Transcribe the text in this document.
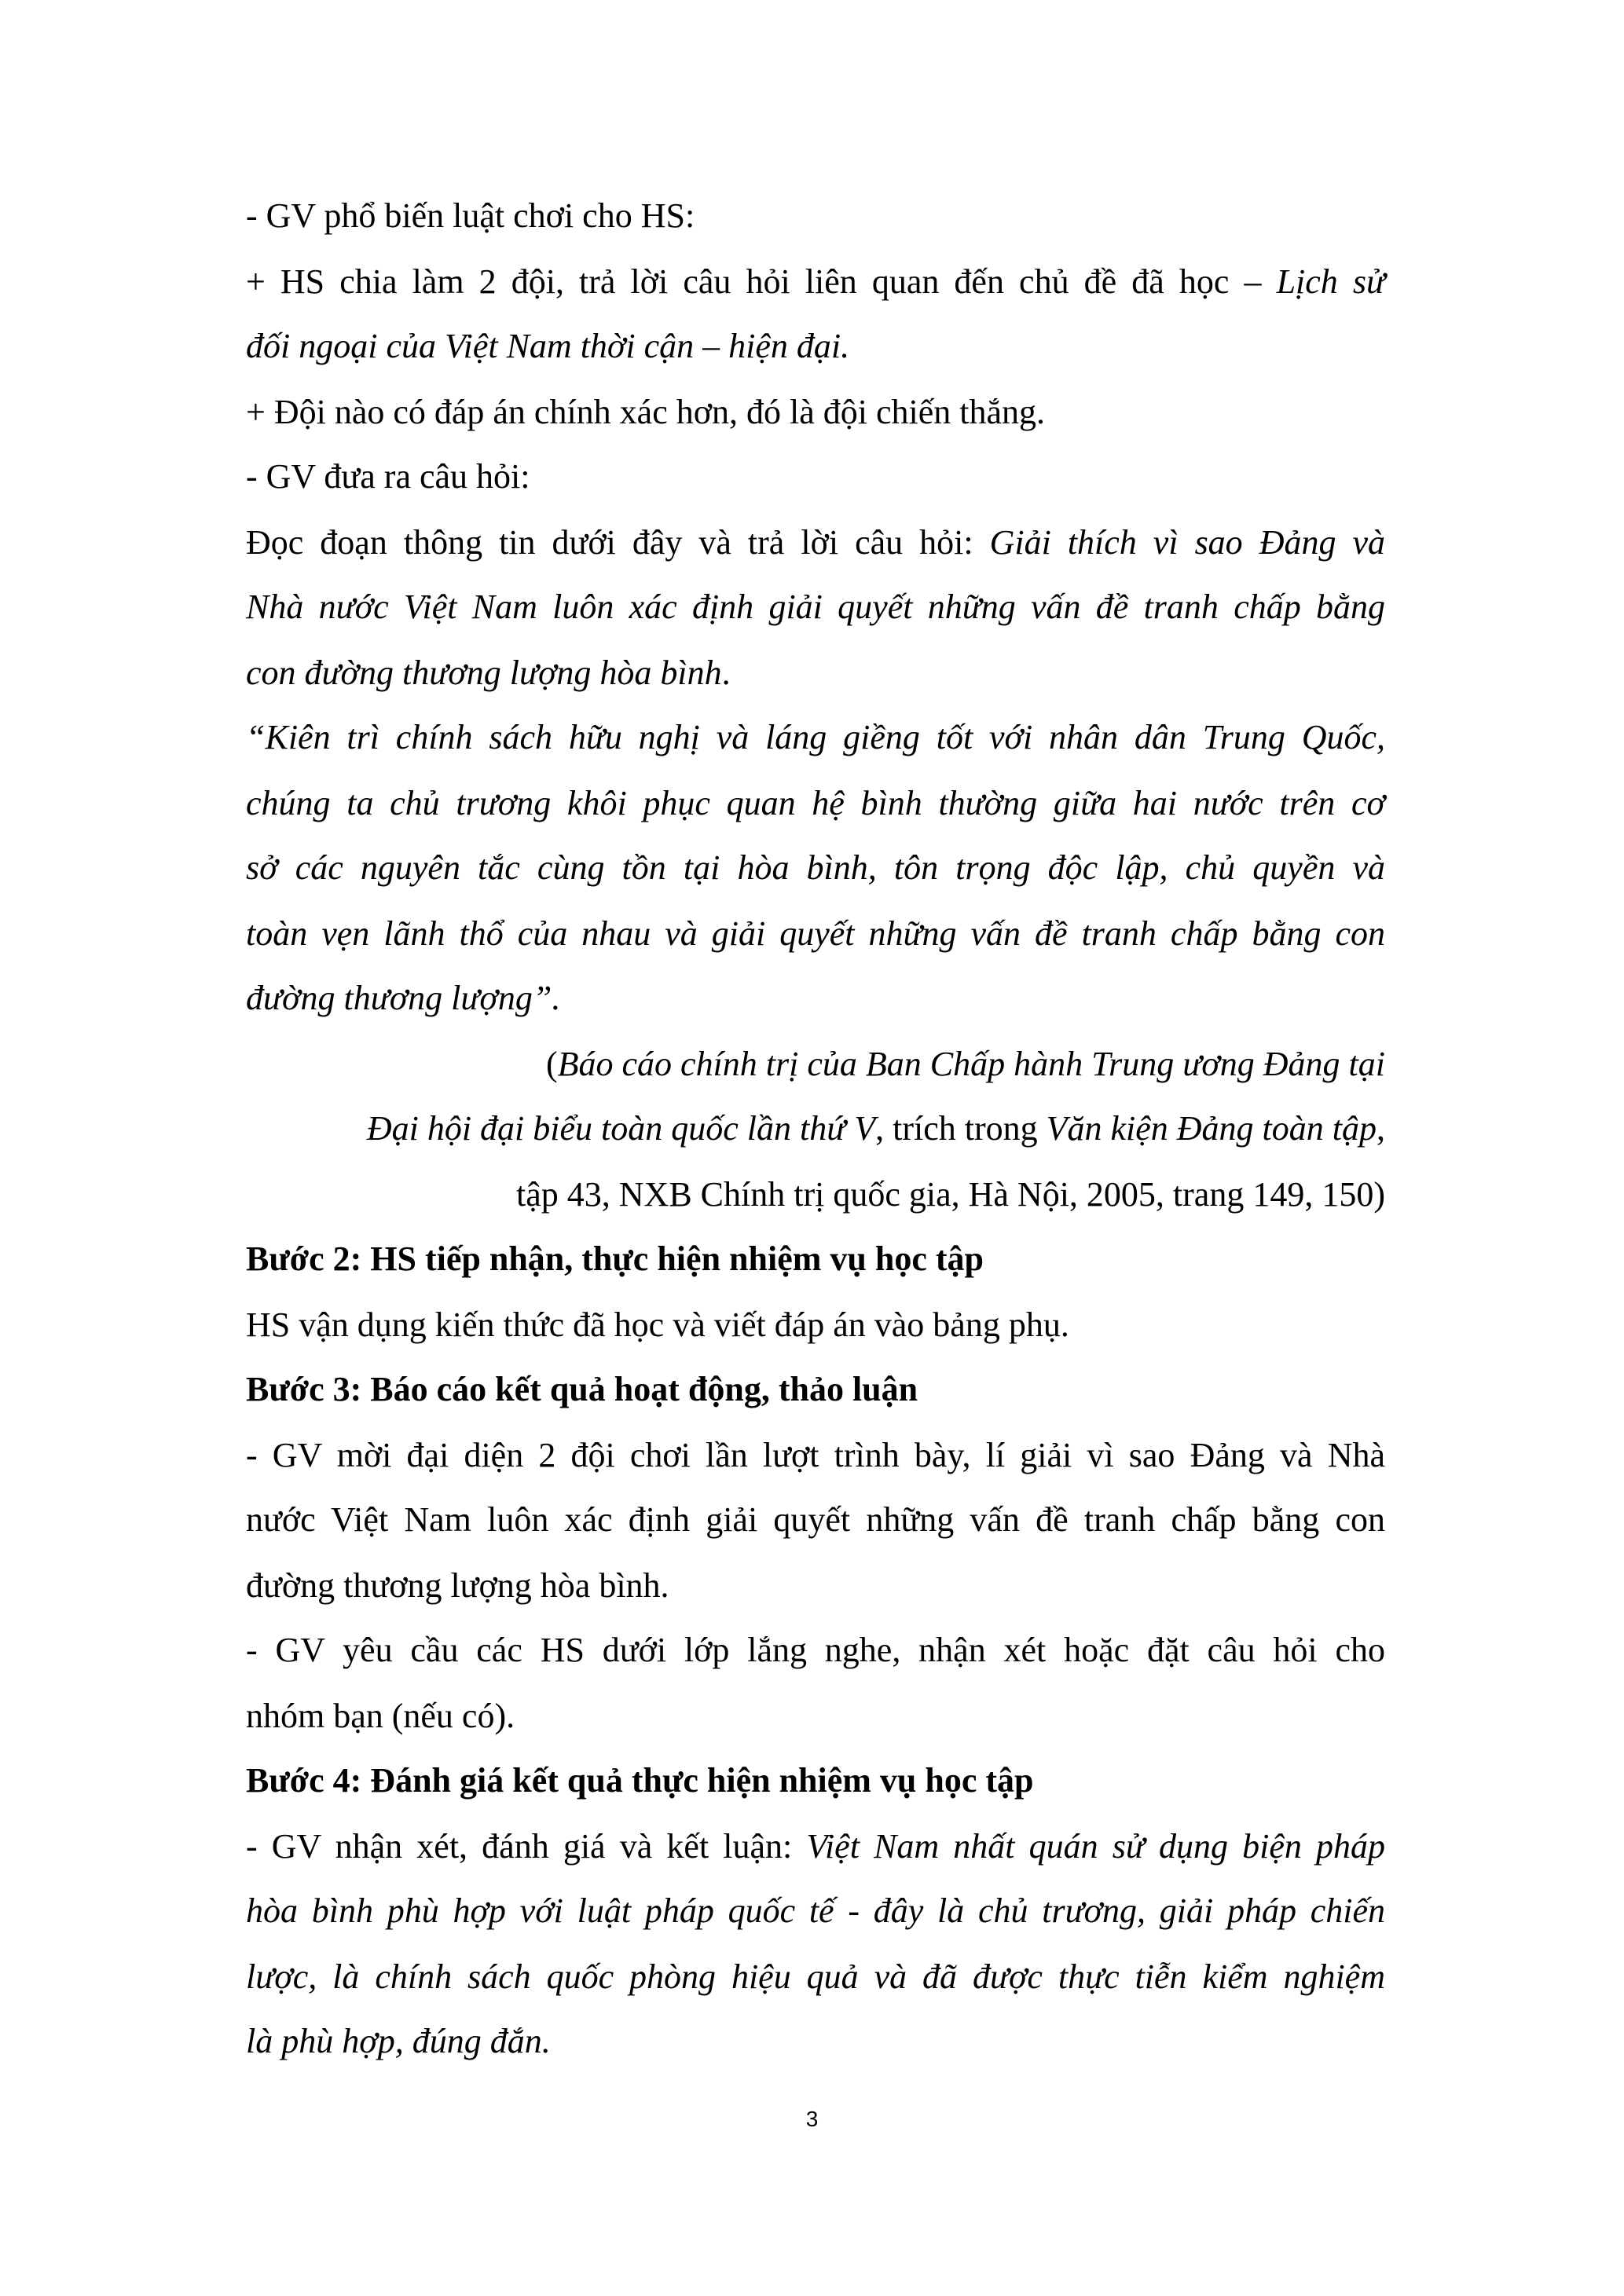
- GV phổ biến luật chơi cho HS:
+ HS chia làm 2 đội, trả lời câu hỏi liên quan đến chủ đề đã học – Lịch sử
đối ngoại của Việt Nam thời cận – hiện đại.
+ Đội nào có đáp án chính xác hơn, đó là đội chiến thắng.
- GV đưa ra câu hỏi:
Đọc đoạn thông tin dưới đây và trả lời câu hỏi: Giải thích vì sao Đảng và
Nhà nước Việt Nam luôn xác định giải quyết những vấn đề tranh chấp bằng
con đường thương lượng hòa bình.
“Kiên trì chính sách hữu nghị và láng giềng tốt với nhân dân Trung Quốc,
chúng ta chủ trương khôi phục quan hệ bình thường giữa hai nước trên cơ
sở các nguyên tắc cùng tồn tại hòa bình, tôn trọng độc lập, chủ quyền và
toàn vẹn lãnh thổ của nhau và giải quyết những vấn đề tranh chấp bằng con
đường thương lượng”.
(Báo cáo chính trị của Ban Chấp hành Trung ương Đảng tại
Đại hội đại biểu toàn quốc lần thứ V, trích trong Văn kiện Đảng toàn tập,
tập 43, NXB Chính trị quốc gia, Hà Nội, 2005, trang 149, 150)
Bước 2: HS tiếp nhận, thực hiện nhiệm vụ học tập
HS vận dụng kiến thức đã học và viết đáp án vào bảng phụ.
Bước 3: Báo cáo kết quả hoạt động, thảo luận
- GV mời đại diện 2 đội chơi lần lượt trình bày, lí giải vì sao Đảng và Nhà
nước Việt Nam luôn xác định giải quyết những vấn đề tranh chấp bằng con
đường thương lượng hòa bình.
- GV yêu cầu các HS dưới lớp lắng nghe, nhận xét hoặc đặt câu hỏi cho
nhóm bạn (nếu có).
Bước 4: Đánh giá kết quả thực hiện nhiệm vụ học tập
- GV nhận xét, đánh giá và kết luận: Việt Nam nhất quán sử dụng biện pháp
hòa bình phù hợp với luật pháp quốc tế - đây là chủ trương, giải pháp chiến
lược, là chính sách quốc phòng hiệu quả và đã được thực tiễn kiểm nghiệm
là phù hợp, đúng đắn.
3
